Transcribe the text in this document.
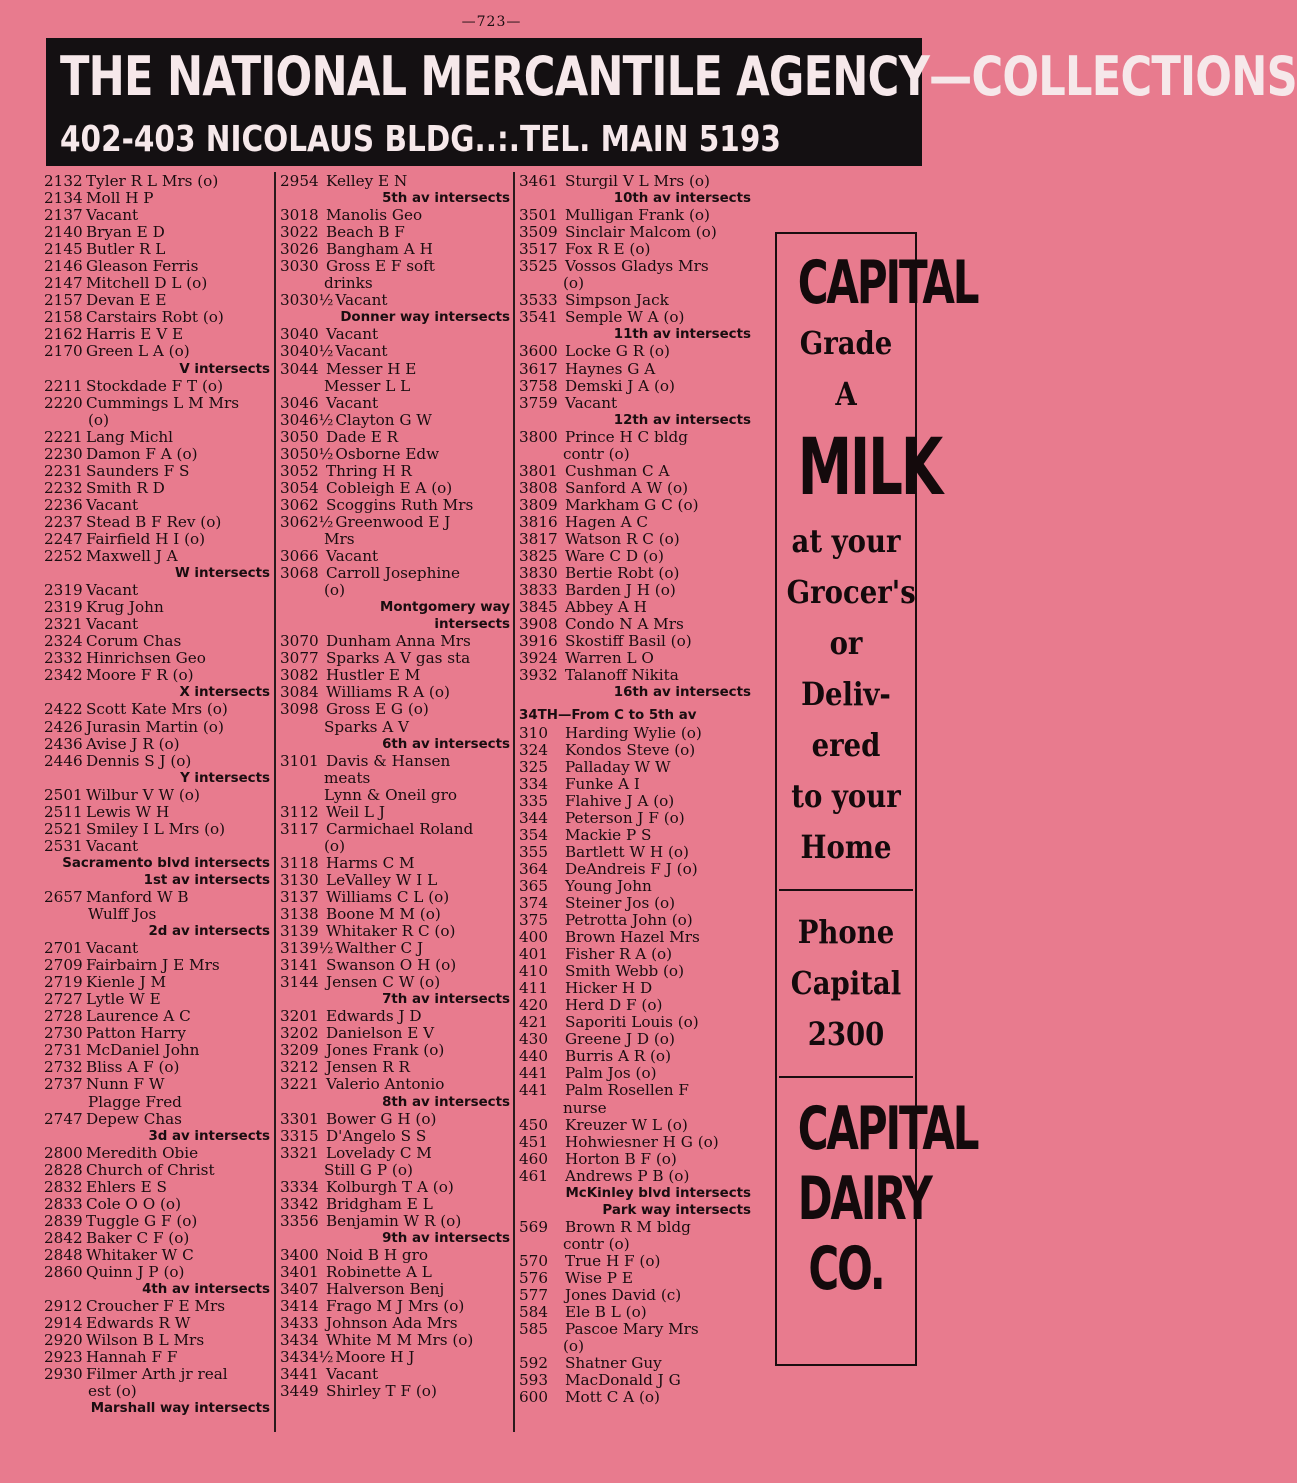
—723—
THE NATIONAL MERCANTILE AGENCY—COLLECTIONS
402-403 NICOLAUS BLDG. .:. TEL. MAIN 5193
2132 Tyler R L Mrs (o)
2134 Moll H P
2137 Vacant
2140 Bryan E D
2145 Butler R L
2146 Gleason Ferris
2147 Mitchell D L (o)
2157 Devan E E
2158 Carstairs Robt (o)
2162 Harris E V E
2170 Green L A (o)
V intersects
2211 Stockdade F T (o)
2220 Cummings L M Mrs
(o)
2221 Lang Michl
2230 Damon F A (o)
2231 Saunders F S
2232 Smith R D
2236 Vacant
2237 Stead B F Rev (o)
2247 Fairfield H I (o)
2252 Maxwell J A
W intersects
2319 Vacant
2319 Krug John
2321 Vacant
2324 Corum Chas
2332 Hinrichsen Geo
2342 Moore F R (o)
X intersects
2422 Scott Kate Mrs (o)
2426 Jurasin Martin (o)
2436 Avise J R (o)
2446 Dennis S J (o)
Y intersects
2501 Wilbur V W (o)
2511 Lewis W H
2521 Smiley I L Mrs (o)
2531 Vacant
Sacramento blvd intersects
1st av intersects
2657 Manford W B
Wulff Jos
2d av intersects
2701 Vacant
2709 Fairbairn J E Mrs
2719 Kienle J M
2727 Lytle W E
2728 Laurence A C
2730 Patton Harry
2731 McDaniel John
2732 Bliss A F (o)
2737 Nunn F W
Plagge Fred
2747 Depew Chas
3d av intersects
2800 Meredith Obie
2828 Church of Christ
2832 Ehlers E S
2833 Cole O O (o)
2839 Tuggle G F (o)
2842 Baker C F (o)
2848 Whitaker W C
2860 Quinn J P (o)
4th av intersects
2912 Croucher F E Mrs
2914 Edwards R W
2920 Wilson B L Mrs
2923 Hannah F F
2930 Filmer Arth jr real
est (o)
Marshall way intersects
2954 Kelley E N
5th av intersects
3018 Manolis Geo
3022 Beach B F
3026 Bangham A H
3030 Gross E F soft
drinks
3030½ Vacant
Donner way intersects
3040 Vacant
3040½ Vacant
3044 Messer H E
Messer L L
3046 Vacant
3046½ Clayton G W
3050 Dade E R
3050½ Osborne Edw
3052 Thring H R
3054 Cobleigh E A (o)
3062 Scoggins Ruth Mrs
3062½ Greenwood E J
Mrs
3066 Vacant
3068 Carroll Josephine
(o)
Montgomery way
intersects
3070 Dunham Anna Mrs
3077 Sparks A V gas sta
3082 Hustler E M
3084 Williams R A (o)
3098 Gross E G (o)
Sparks A V
6th av intersects
3101 Davis & Hansen
meats
Lynn & Oneil gro
3112 Weil L J
3117 Carmichael Roland
(o)
3118 Harms C M
3130 LeValley W I L
3137 Williams C L (o)
3138 Boone M M (o)
3139 Whitaker R C (o)
3139½ Walther C J
3141 Swanson O H (o)
3144 Jensen C W (o)
7th av intersects
3201 Edwards J D
3202 Danielson E V
3209 Jones Frank (o)
3212 Jensen R R
3221 Valerio Antonio
8th av intersects
3301 Bower G H (o)
3315 D'Angelo S S
3321 Lovelady C M
Still G P (o)
3334 Kolburgh T A (o)
3342 Bridgham E L
3356 Benjamin W R (o)
9th av intersects
3400 Noid B H gro
3401 Robinette A L
3407 Halverson Benj
3414 Frago M J Mrs (o)
3433 Johnson Ada Mrs
3434 White M M Mrs (o)
3434½ Moore H J
3441 Vacant
3449 Shirley T F (o)
3461 Sturgil V L Mrs (o)
10th av intersects
3501 Mulligan Frank (o)
3509 Sinclair Malcom (o)
3517 Fox R E (o)
3525 Vossos Gladys Mrs
(o)
3533 Simpson Jack
3541 Semple W A (o)
11th av intersects
3600 Locke G R (o)
3617 Haynes G A
3758 Demski J A (o)
3759 Vacant
12th av intersects
3800 Prince H C bldg
contr (o)
3801 Cushman C A
3808 Sanford A W (o)
3809 Markham G C (o)
3816 Hagen A C
3817 Watson R C (o)
3825 Ware C D (o)
3830 Bertie Robt (o)
3833 Barden J H (o)
3845 Abbey A H
3908 Condo N A Mrs
3916 Skostiff Basil (o)
3924 Warren L O
3932 Talanoff Nikita
16th av intersects
34TH—From C to 5th av
310	Harding Wylie (o)
324	Kondos Steve (o)
325	Palladay W W
334	Funke A I
335	Flahive J A (o)
344	Peterson J F (o)
354	Mackie P S
355	Bartlett W H (o)
364	DeAndreis F J (o)
365	Young John
374	Steiner Jos (o)
375	Petrotta John (o)
400	Brown Hazel Mrs
401	Fisher R A (o)
410	Smith Webb (o)
411	Hicker H D
420	Herd D F (o)
421	Saporiti Louis (o)
430	Greene J D (o)
440	Burris A R (o)
441	Palm Jos (o)
441	Palm Rosellen F
nurse
450	Kreuzer W L (o)
451	Hohwiesner H G (o)
460	Horton B F (o)
461	Andrews P B (o)
McKinley blvd intersects
Park way intersects
569	Brown R M bldg
contr (o)
570	True H F (o)
576	Wise P E
577	Jones David (c)
584	Ele B L (o)
585	Pascoe Mary Mrs
(o)
592	Shatner Guy
593	MacDonald J G
600	Mott C A (o)
CAPITAL
Grade A
MILK
at your
Grocer's
or
Deliv-
ered
to your
Home
Phone
Capital
2300
CAPITAL
DAIRY
CO.
